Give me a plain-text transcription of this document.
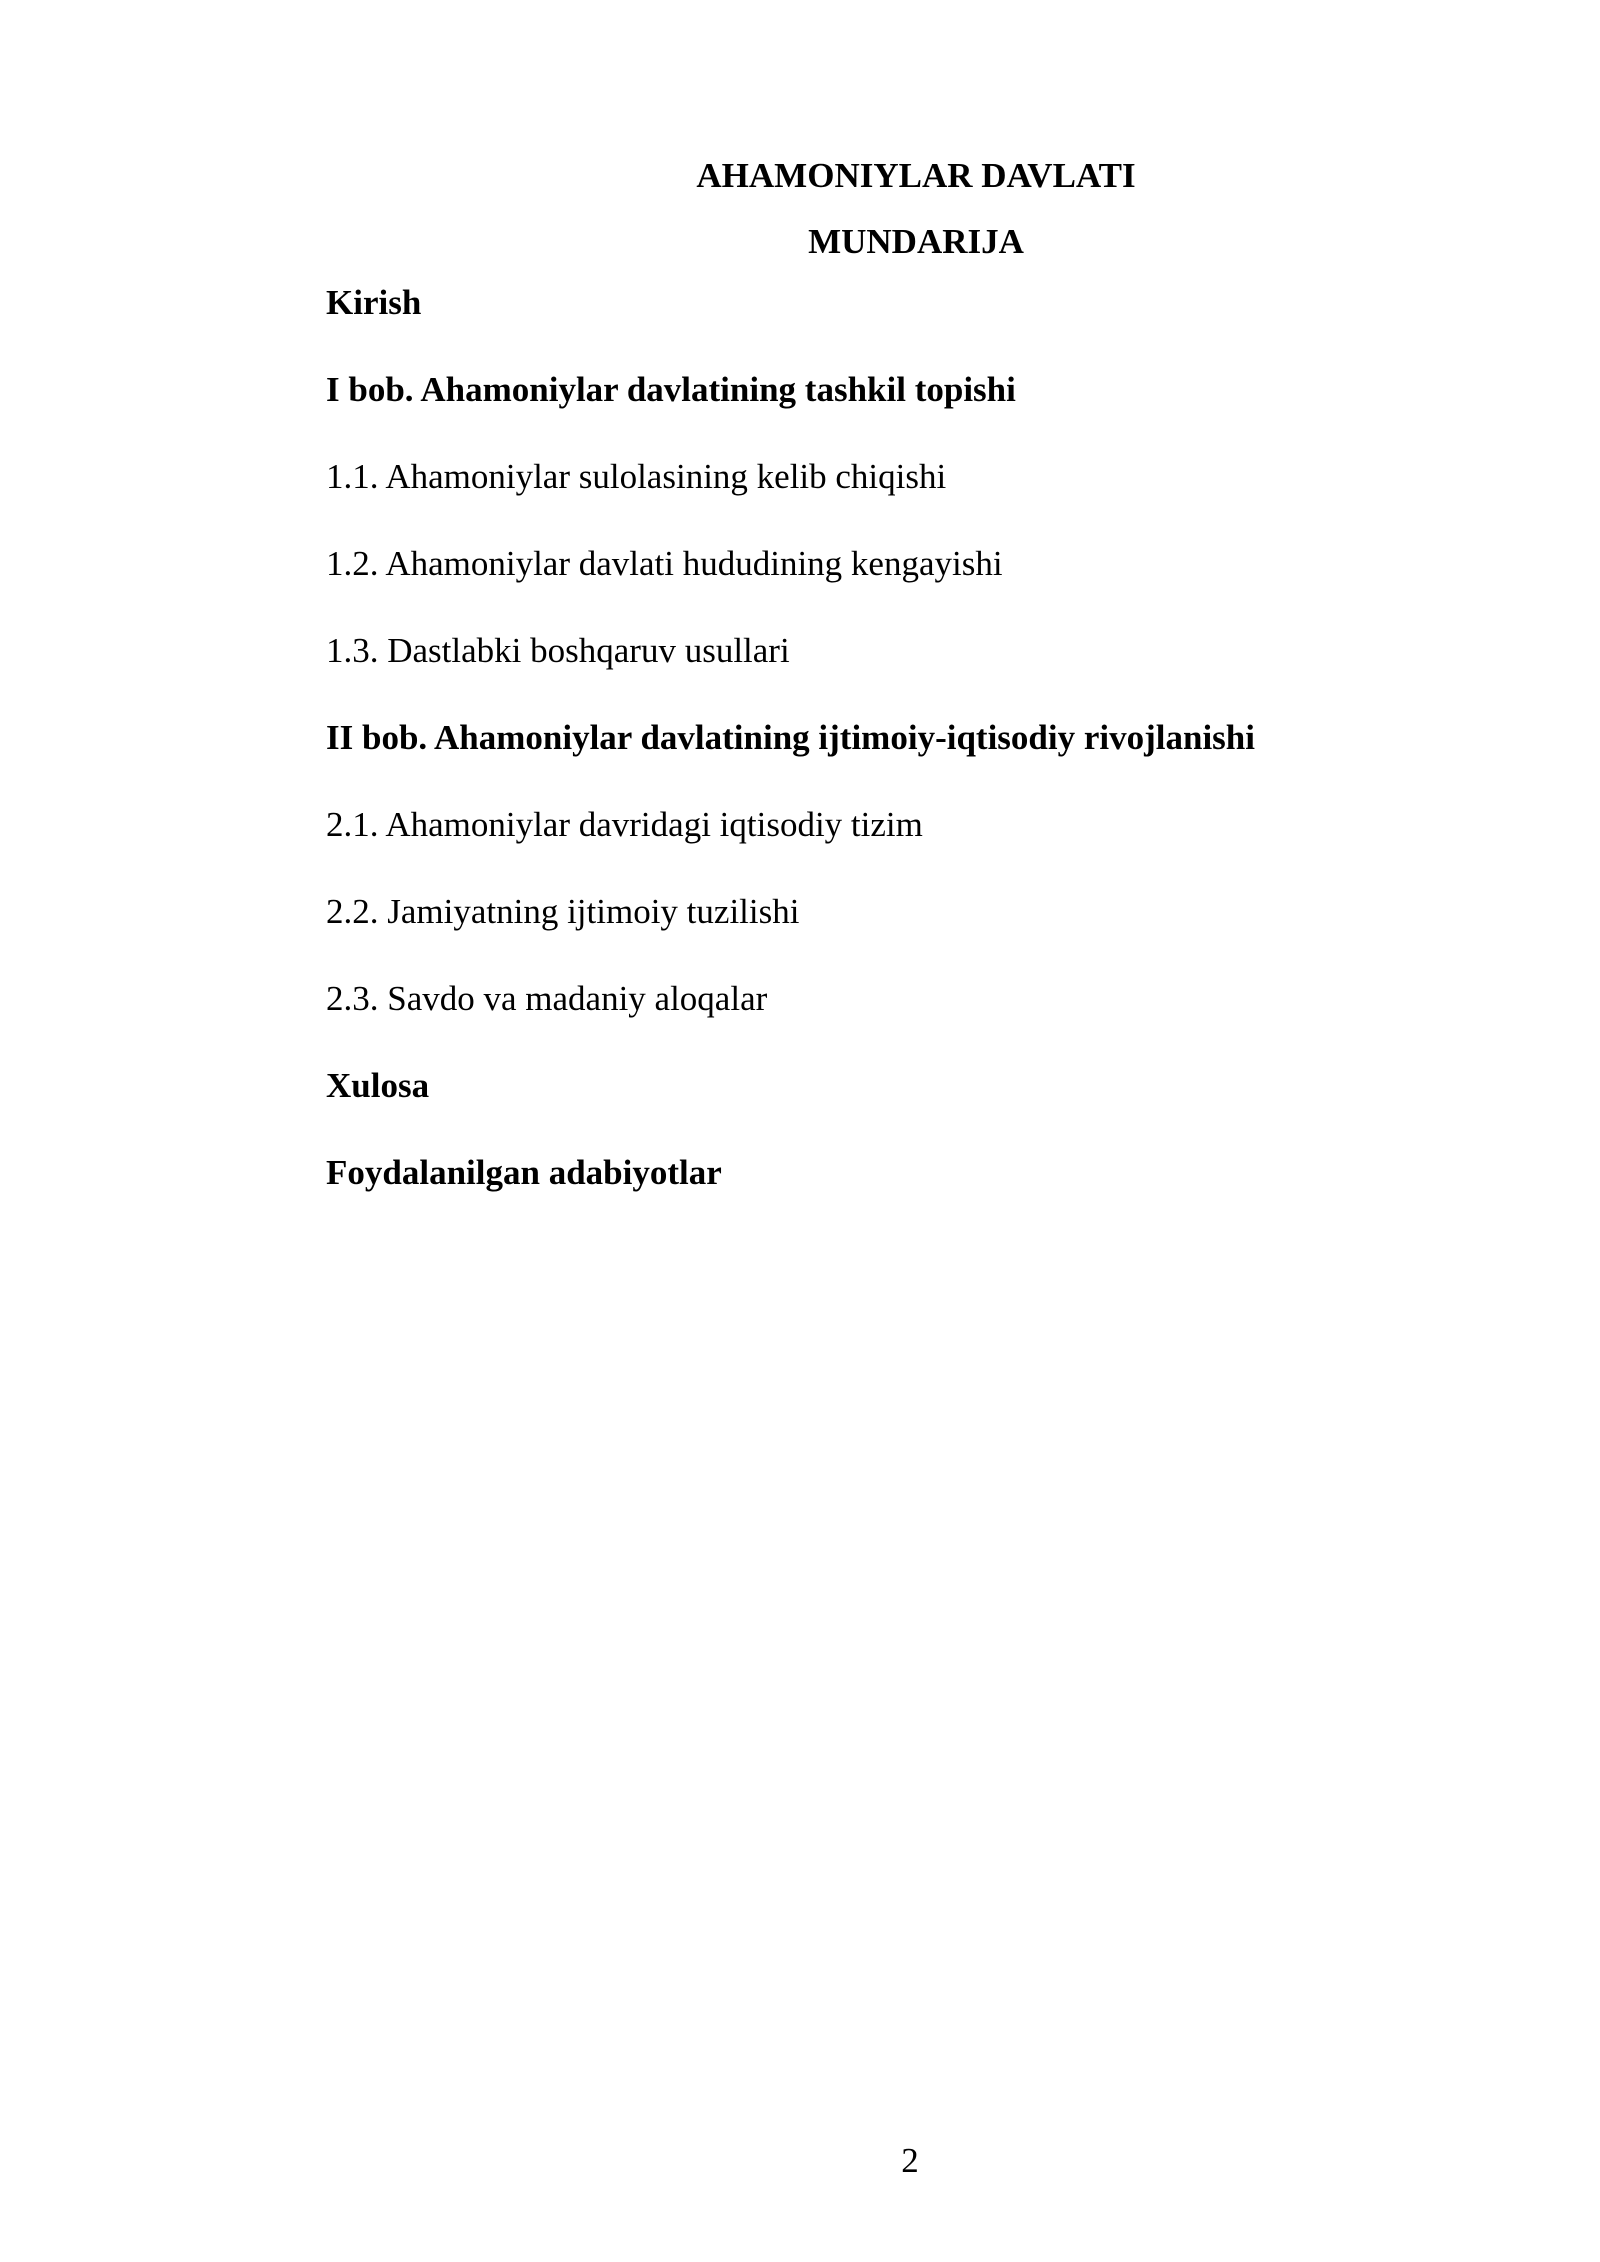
AHAMONIYLAR DAVLATI
MUNDARIJA
Kirish
I bob. Ahamoniylar davlatining tashkil topishi
1.1. Ahamoniylar sulolasining kelib chiqishi
1.2. Ahamoniylar davlati hududining kengayishi
1.3. Dastlabki boshqaruv usullari
II bob. Ahamoniylar davlatining ijtimoiy-iqtisodiy rivojlanishi
2.1. Ahamoniylar davridagi iqtisodiy tizim
2.2. Jamiyatning ijtimoiy tuzilishi
2.3. Savdo va madaniy aloqalar
Xulosa
Foydalanilgan adabiyotlar
2
